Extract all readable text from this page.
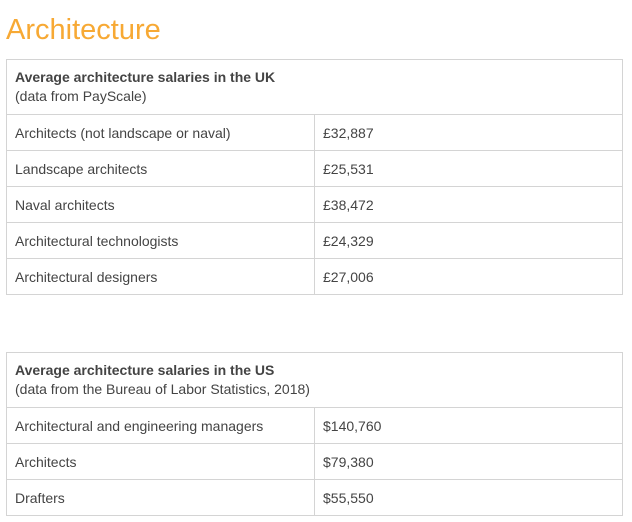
Architecture
Average architecture salaries in the UK
(data from PayScale)	

Architects (not landscape or naval)	£32,887
Landscape architects	£25,531
Naval architects	£38,472
Architectural technologists	£24,329
Architectural designers	£27,006
Average architecture salaries in the US
(data from the Bureau of Labor Statistics, 2018)	

Architectural and engineering managers	$140,760
Architects	$79,380
Drafters	$55,550
